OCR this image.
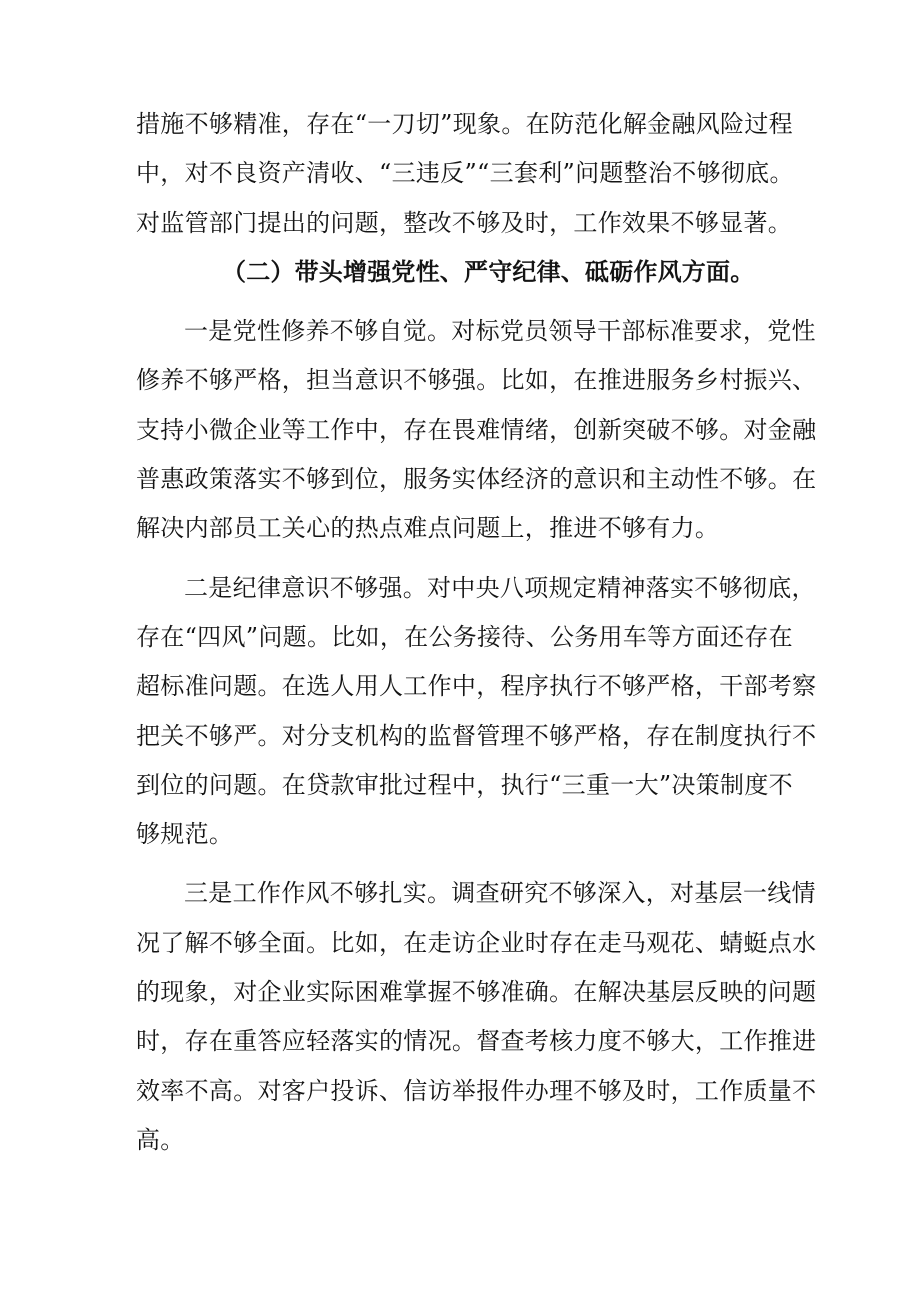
措施不够精准，存在“一刀切”现象。在防范化解金融风险过程
中，对不良资产清收、“三违反”“三套利”问题整治不够彻底。
对监管部门提出的问题，整改不够及时，工作效果不够显著。

（二）带头增强党性、严守纪律、砥砺作风方面。

一是党性修养不够自觉。对标党员领导干部标准要求，党性
修养不够严格，担当意识不够强。比如，在推进服务乡村振兴、
支持小微企业等工作中，存在畏难情绪，创新突破不够。对金融
普惠政策落实不够到位，服务实体经济的意识和主动性不够。在
解决内部员工关心的热点难点问题上，推进不够有力。

二是纪律意识不够强。对中央八项规定精神落实不够彻底，
存在“四风”问题。比如，在公务接待、公务用车等方面还存在
超标准问题。在选人用人工作中，程序执行不够严格，干部考察
把关不够严。对分支机构的监督管理不够严格，存在制度执行不
到位的问题。在贷款审批过程中，执行“三重一大”决策制度不
够规范。

三是工作作风不够扎实。调查研究不够深入，对基层一线情
况了解不够全面。比如，在走访企业时存在走马观花、蜻蜓点水
的现象，对企业实际困难掌握不够准确。在解决基层反映的问题
时，存在重答应轻落实的情况。督查考核力度不够大，工作推进
效率不高。对客户投诉、信访举报件办理不够及时，工作质量不
高。
